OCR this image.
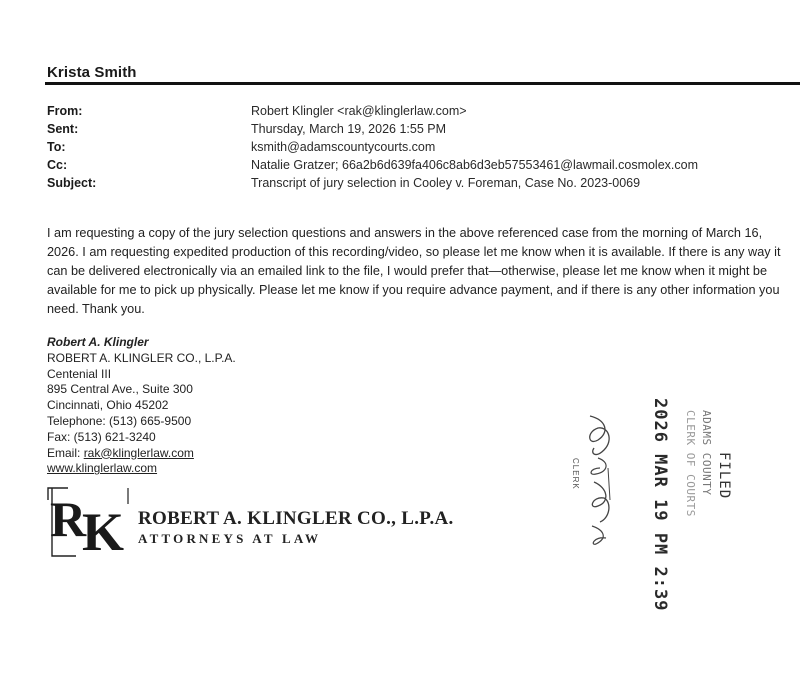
Krista Smith
From:	Robert Klingler <rak@klinglerlaw.com>
Sent:	Thursday, March 19, 2026 1:55 PM
To:	ksmith@adamscountycourts.com
Cc:	Natalie Gratzer; 66a2b6d639fa406c8ab6d3eb57553461@lawmail.cosmolex.com
Subject:	Transcript of jury selection in Cooley v. Foreman, Case No. 2023-0069
I am requesting a copy of the jury selection questions and answers in the above referenced case from the morning of March 16, 2026. I am requesting expedited production of this recording/video, so please let me know when it is available. If there is any way it can be delivered electronically via an emailed link to the file, I would prefer that—otherwise, please let me know when it might be available for me to pick up physically. Please let me know if you require advance payment, and if there is any other information you need. Thank you.
Robert A. Klingler
ROBERT A. KLINGLER CO., L.P.A.
Centenial III
895 Central Ave., Suite 300
Cincinnati, Ohio 45202
Telephone: (513) 665-9500
Fax: (513) 621-3240
Email: rak@klinglerlaw.com
www.klinglerlaw.com
R
K ROBERT A. KLINGLER CO., L.P.A.
ATTORNEYS AT LAW	2026 MAR 19 PM 2:39	FILED
ADAMS COUNTY
CLERK OF COURTS
CLERK
